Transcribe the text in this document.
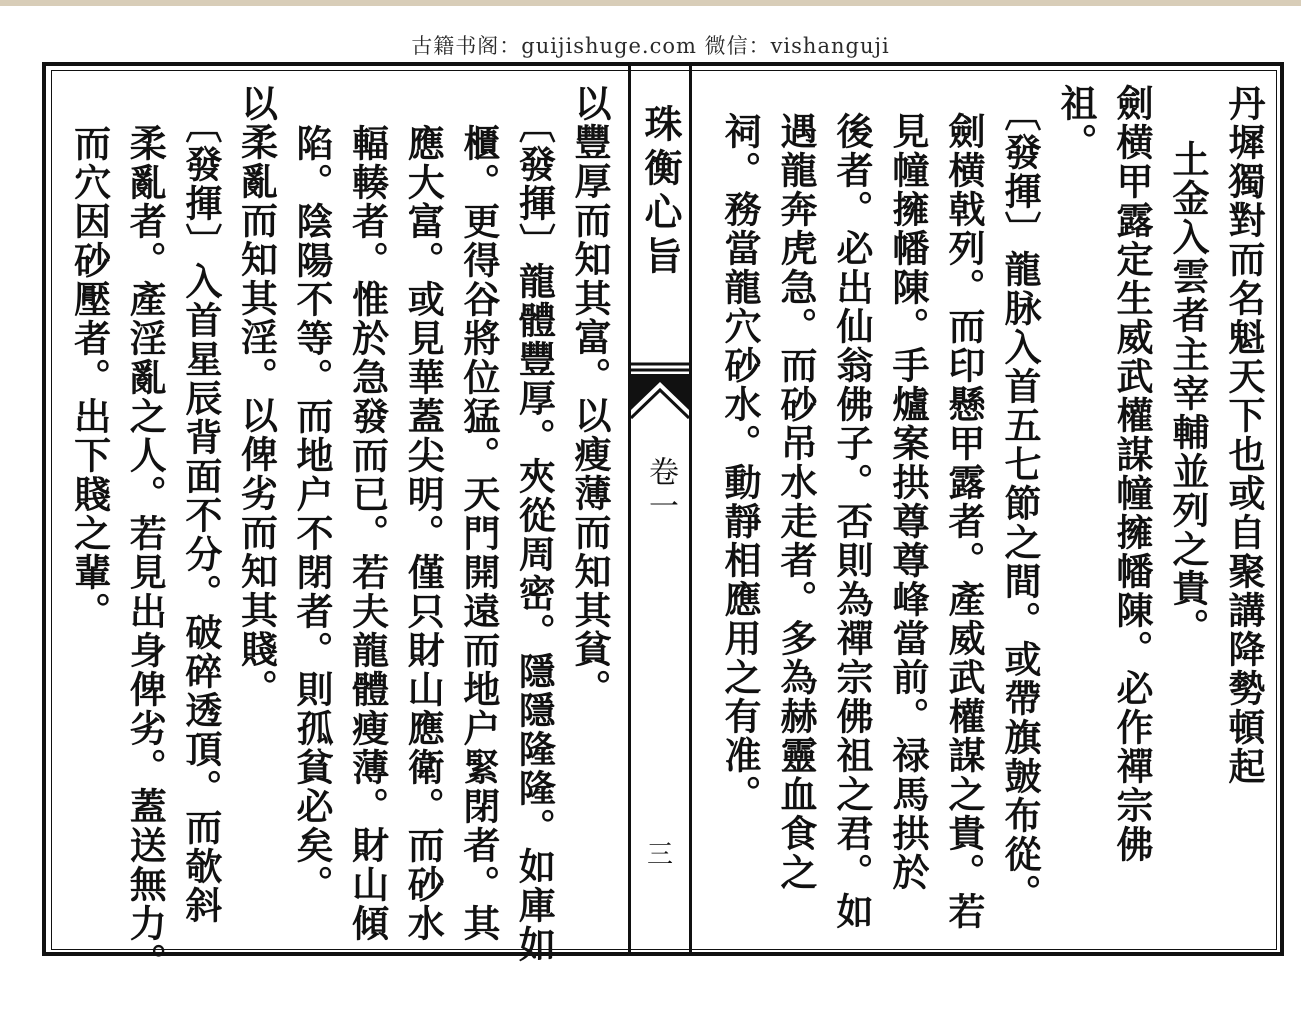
古籍书阁：guijishuge.com 微信：vishanguji
珠衡心旨
卷一
三
丹墀獨對而名魁天下也或自聚講降勢頓起
土金入雲者主宰輔並列之貴。
劍横甲露定生威武權謀幢擁幡陳。必作禪宗佛
祖。
〔發揮〕龍脉入首五七節之間。或帶旗皷布從。
劍横戟列。而印懸甲露者。產威武權謀之貴。若
見幢擁幡陳。手爐案拱尊尊峰當前。禄馬拱於
後者。必出仙翁佛子。否則為禪宗佛祖之君。如
遇龍奔虎急。而砂吊水走者。多為赫靈血食之
祠。務當龍穴砂水。動靜相應用之有准。
以豐厚而知其富。以瘦薄而知其貧。
〔發揮〕龍體豐厚。夾從周密。隱隱隆隆。如庫如
櫃。更得谷將位猛。天門開遠而地户緊閉者。其
應大富。或見華蓋尖明。僅只財山應衛。而砂水
輻輳者。惟於急發而已。若夫龍體瘦薄。財山傾
陷。陰陽不等。而地户不閉者。則孤貧必矣。
以柔亂而知其淫。以俾劣而知其賤。
〔發揮〕入首星辰背面不分。破碎透頂。而欹斜
柔亂者。產淫亂之人。若見出身俾劣。蓋送無力。
而穴因砂壓者。出下賤之輩。
